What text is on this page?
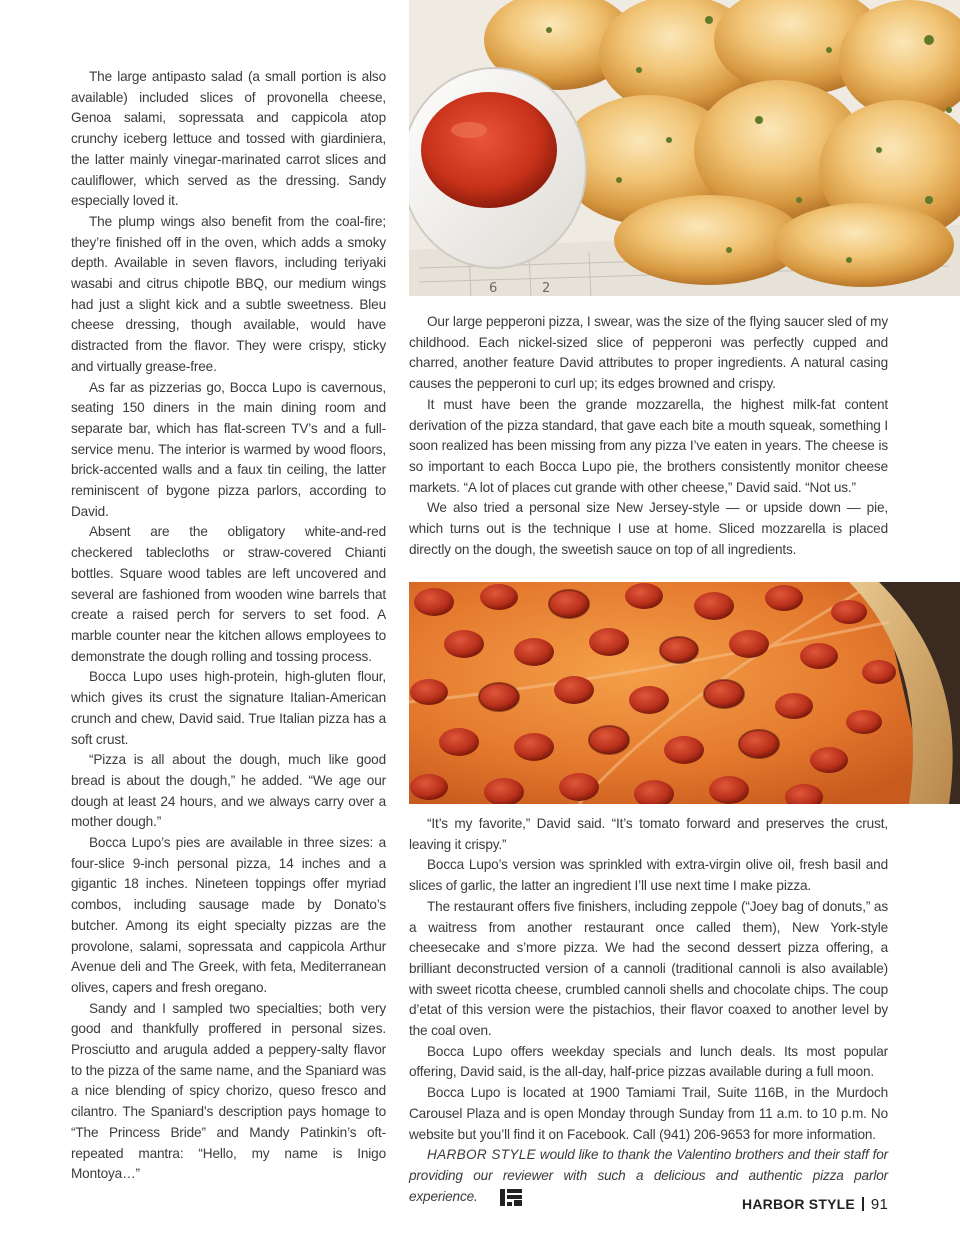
The large antipasto salad (a small portion is also available) included slices of provonella cheese, Genoa salami, sopressata and cappicola atop crunchy iceberg lettuce and tossed with giardiniera, the latter mainly vinegar-marinated carrot slices and cauliflower, which served as the dressing. Sandy especially loved it.

The plump wings also benefit from the coal-fire; they’re finished off in the oven, which adds a smoky depth. Available in seven flavors, including teriyaki wasabi and citrus chipotle BBQ, our medium wings had just a slight kick and a subtle sweetness. Bleu cheese dressing, though available, would have distracted from the flavor. They were crispy, sticky and virtually grease-free.

As far as pizzerias go, Bocca Lupo is cavernous, seating 150 diners in the main dining room and separate bar, which has flat-screen TV’s and a full-service menu. The interior is warmed by wood floors, brick-accented walls and a faux tin ceiling, the latter reminiscent of bygone pizza parlors, according to David.

Absent are the obligatory white-and-red checkered tablecloths or straw-covered Chianti bottles. Square wood tables are left uncovered and several are fashioned from wooden wine barrels that create a raised perch for servers to set food. A marble counter near the kitchen allows employees to demonstrate the dough rolling and tossing process.

Bocca Lupo uses high-protein, high-gluten flour, which gives its crust the signature Italian-American crunch and chew, David said. True Italian pizza has a soft crust.

“Pizza is all about the dough, much like good bread is about the dough,” he added. “We age our dough at least 24 hours, and we always carry over a mother dough.”

Bocca Lupo’s pies are available in three sizes: a four-slice 9-inch personal pizza, 14 inches and a gigantic 18 inches. Nineteen toppings offer myriad combos, including sausage made by Donato’s butcher. Among its eight specialty pizzas are the provolone, salami, sopressata and cappicola Arthur Avenue deli and The Greek, with feta, Mediterranean olives, capers and fresh oregano.

Sandy and I sampled two specialties; both very good and thankfully proffered in personal sizes. Prosciutto and arugula added a peppery-salty flavor to the pizza of the same name, and the Spaniard was a nice blending of spicy chorizo, queso fresco and cilantro. The Spaniard’s description pays homage to “The Princess Bride” and Mandy Patinkin’s oft-repeated mantra: “Hello, my name is Inigo Montoya…”

6	2

Our large pepperoni pizza, I swear, was the size of the flying saucer sled of my childhood. Each nickel-sized slice of pepperoni was perfectly cupped and charred, another feature David attributes to proper ingredients. A natural casing causes the pepperoni to curl up; its edges browned and crispy.

It must have been the grande mozzarella, the highest milk-fat content derivation of the pizza standard, that gave each bite a mouth squeak, something I soon realized has been missing from any pizza I’ve eaten in years. The cheese is so important to each Bocca Lupo pie, the brothers consistently monitor cheese markets. “A lot of places cut grande with other cheese,” David said. “Not us.”

We also tried a personal size New Jersey-style — or upside down — pie, which turns out is the technique I use at home. Sliced mozzarella is placed directly on the dough, the sweetish sauce on top of all ingredients.

“It’s my favorite,” David said. “It’s tomato forward and preserves the crust, leaving it crispy.”

Bocca Lupo’s version was sprinkled with extra-virgin olive oil, fresh basil and slices of garlic, the latter an ingredient I’ll use next time I make pizza.

The restaurant offers five finishers, including zeppole (“Joey bag of donuts,” as a waitress from another restaurant once called them), New York-style cheesecake and s’more pizza. We had the second dessert pizza offering, a brilliant deconstructed version of a cannoli (traditional cannoli is also available) with sweet ricotta cheese, crumbled cannoli shells and chocolate chips. The coup d’etat of this version were the pistachios, their flavor coaxed to another level by the coal oven.

Bocca Lupo offers weekday specials and lunch deals. Its most popular offering, David said, is the all-day, half-price pizzas available during a full moon.

Bocca Lupo is located at 1900 Tamiami Trail, Suite 116B, in the Murdoch Carousel Plaza and is open Monday through Sunday from 11 a.m. to 10 p.m. No website but you’ll find it on Facebook. Call (941) 206-9653 for more information.

HARBOR STYLE would like to thank the Valentino brothers and their staff for providing our reviewer with such a delicious and authentic pizza parlor experience.	HARBOR STYLE 91
